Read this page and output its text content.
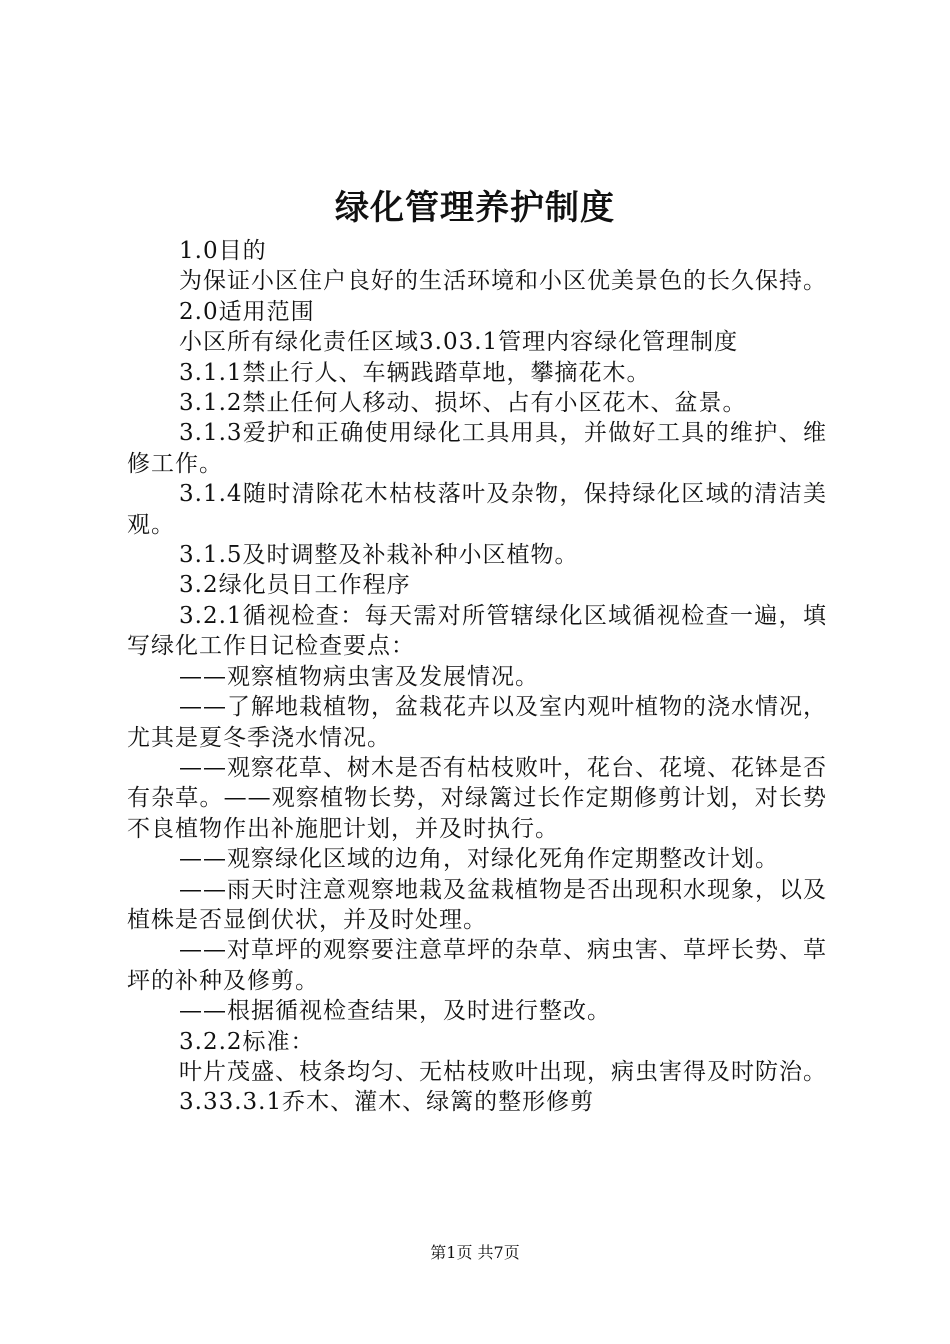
绿化管理养护制度

1.0目的

为保证小区住户良好的生活环境和小区优美景色的长久保持。

2.0适用范围

小区所有绿化责任区域3.03.1管理内容绿化管理制度

3.1.1禁止行人、车辆践踏草地，攀摘花木。

3.1.2禁止任何人移动、损坏、占有小区花木、盆景。

3.1.3爱护和正确使用绿化工具用具，并做好工具的维护、维修工作。

3.1.4随时清除花木枯枝落叶及杂物，保持绿化区域的清洁美观。

3.1.5及时调整及补栽补种小区植物。

3.2绿化员日工作程序

3.2.1循视检查：每天需对所管辖绿化区域循视检查一遍，填写绿化工作日记检查要点：

——观察植物病虫害及发展情况。

——了解地栽植物，盆栽花卉以及室内观叶植物的浇水情况，尤其是夏冬季浇水情况。

——观察花草、树木是否有枯枝败叶，花台、花境、花钵是否有杂草。——观察植物长势，对绿篱过长作定期修剪计划，对长势不良植物作出补施肥计划，并及时执行。

——观察绿化区域的边角，对绿化死角作定期整改计划。

——雨天时注意观察地栽及盆栽植物是否出现积水现象，以及植株是否显倒伏状，并及时处理。

——对草坪的观察要注意草坪的杂草、病虫害、草坪长势、草坪的补种及修剪。

——根据循视检查结果，及时进行整改。

3.2.2标准：

叶片茂盛、枝条均匀、无枯枝败叶出现，病虫害得及时防治。

3.33.3.1乔木、灌木、绿篱的整形修剪

第1页 共7页
